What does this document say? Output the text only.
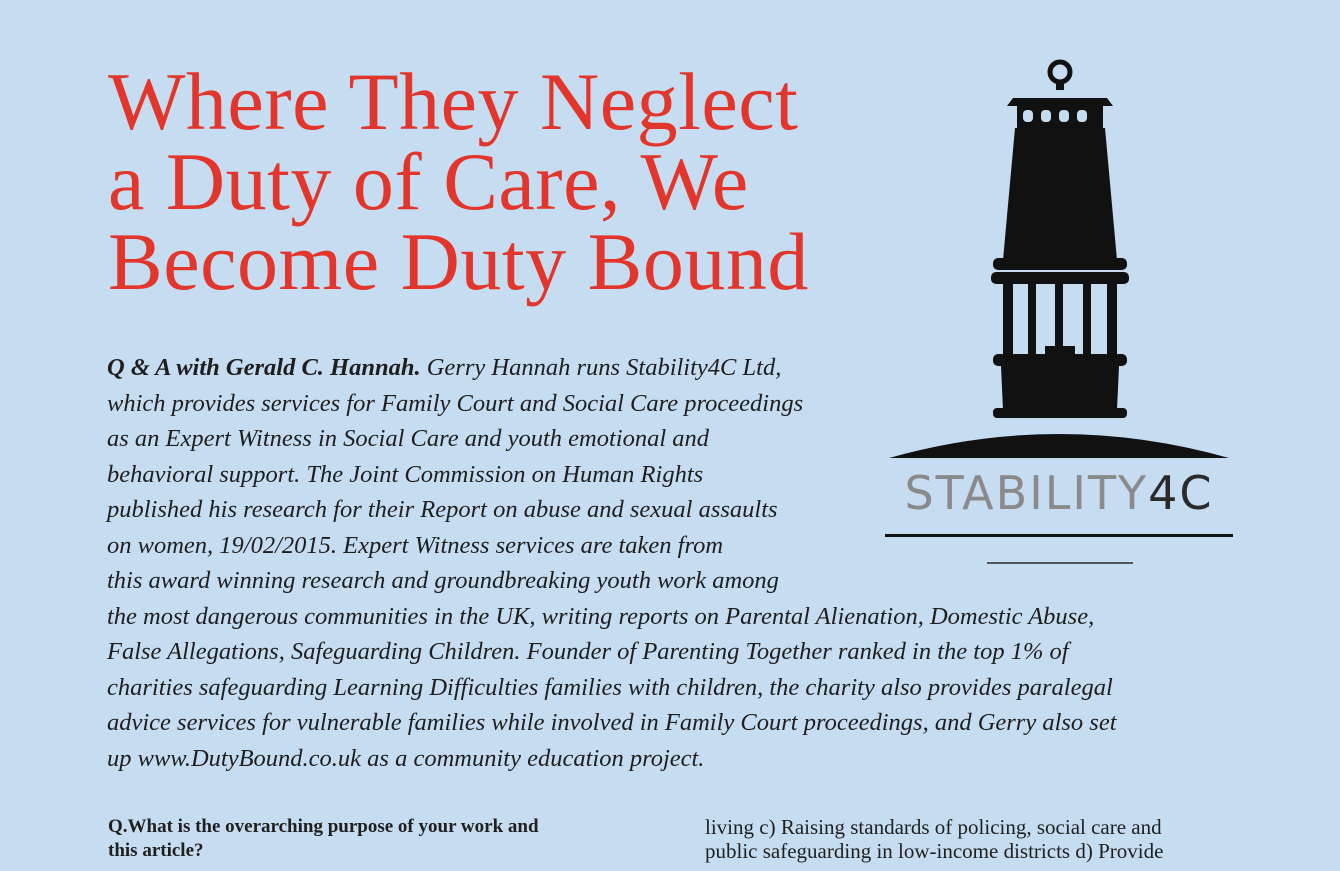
Where They Neglect
a Duty of Care, We
Become Duty Bound
STABILITY4C

Q & A with Gerald C. Hannah. Gerry Hannah runs Stability4C Ltd,
which provides services for Family Court and Social Care proceedings
as an Expert Witness in Social Care and youth emotional and
behavioral support. The Joint Commission on Human Rights
published his research for their Report on abuse and sexual assaults
on women, 19/02/2015. Expert Witness services are taken from
this award winning research and groundbreaking youth work among
the most dangerous communities in the UK, writing reports on Parental Alienation, Domestic Abuse,
False Allegations, Safeguarding Children. Founder of Parenting Together ranked in the top 1% of
charities safeguarding Learning Difficulties families with children, the charity also provides paralegal
advice services for vulnerable families while involved in Family Court proceedings, and Gerry also set
up www.DutyBound.co.uk as a community education project.

Q.What is the overarching purpose of your work and
this article?

living c) Raising standards of policing, social care and
public safeguarding in low-income districts d) Provide
